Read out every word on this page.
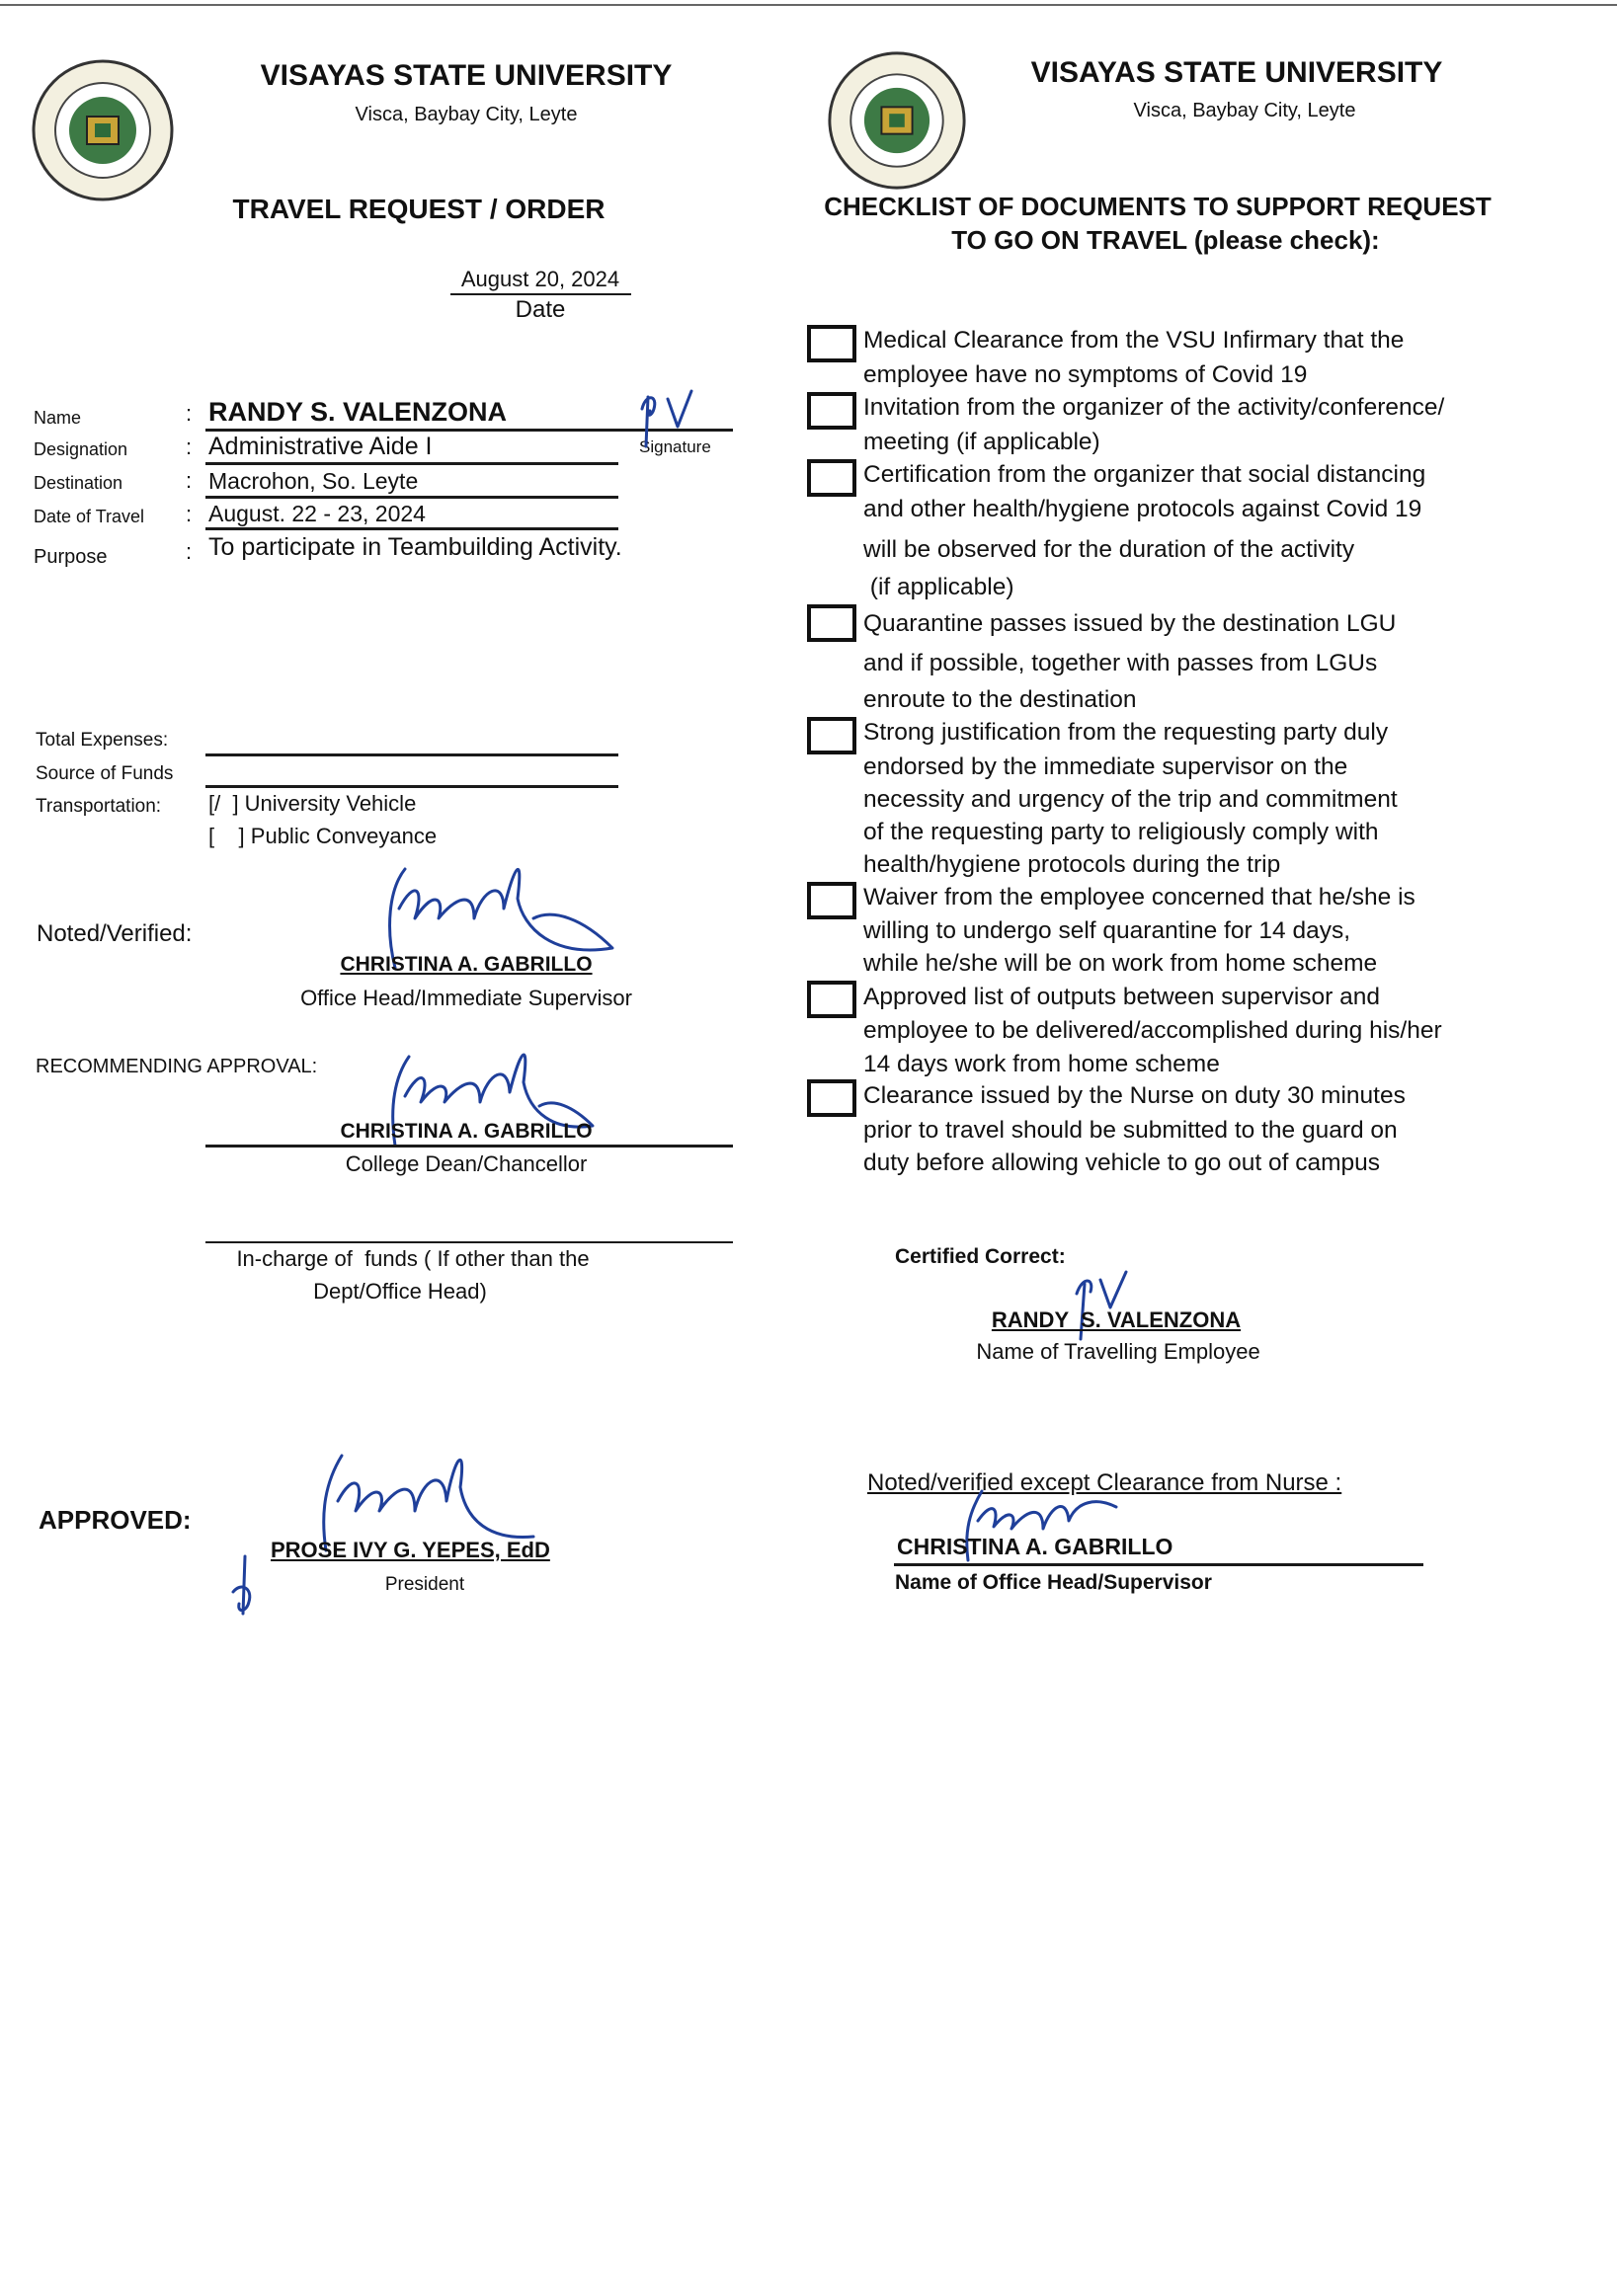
VISAYAS STATE UNIVERSITY
Visca, Baybay City, Leyte
TRAVEL REQUEST / ORDER
August 20, 2024
Date
Name
Designation
Destination
Date of Travel
Purpose
:
:
:
:
:
RANDY S. VALENZONA
Signature
Administrative Aide I
Macrohon, So. Leyte
August. 22 - 23, 2024
To participate in Teambuilding Activity.
Total Expenses:
Source of Funds
Transportation: [/  ] University Vehicle
[    ] Public Conveyance
Noted/Verified:
CHRISTINA A. GABRILLO
Office Head/Immediate Supervisor
RECOMMENDING APPROVAL:
CHRISTINA A. GABRILLO
College Dean/Chancellor
In-charge of  funds ( If other than the
Dept/Office Head)
APPROVED:
PROSE IVY G. YEPES, EdD
President
VISAYAS STATE UNIVERSITY
Visca, Baybay City, Leyte
CHECKLIST OF DOCUMENTS TO SUPPORT REQUEST
TO GO ON TRAVEL (please check):
Medical Clearance from the VSU Infirmary that the
employee have no symptoms of Covid 19
Invitation from the organizer of the activity/conference/
meeting (if applicable)
Certification from the organizer that social distancing
and other health/hygiene protocols against Covid 19
will be observed for the duration of the activity
(if applicable)
Quarantine passes issued by the destination LGU
and if possible, together with passes from LGUs
enroute to the destination
Strong justification from the requesting party duly
endorsed by the immediate supervisor on the
necessity and urgency of the trip and commitment
of the requesting party to religiously comply with
health/hygiene protocols during the trip
Waiver from the employee concerned that he/she is
willing to undergo self quarantine for 14 days,
while he/she will be on work from home scheme
Approved list of outputs between supervisor and
employee to be delivered/accomplished during his/her
14 days work from home scheme
Clearance issued by the Nurse on duty 30 minutes
prior to travel should be submitted to the guard on
duty before allowing vehicle to go out of campus
Certified Correct:
RANDY  S. VALENZONA
Name of Travelling Employee
Noted/verified except Clearance from Nurse :
CHRISTINA A. GABRILLO
Name of Office Head/Supervisor
